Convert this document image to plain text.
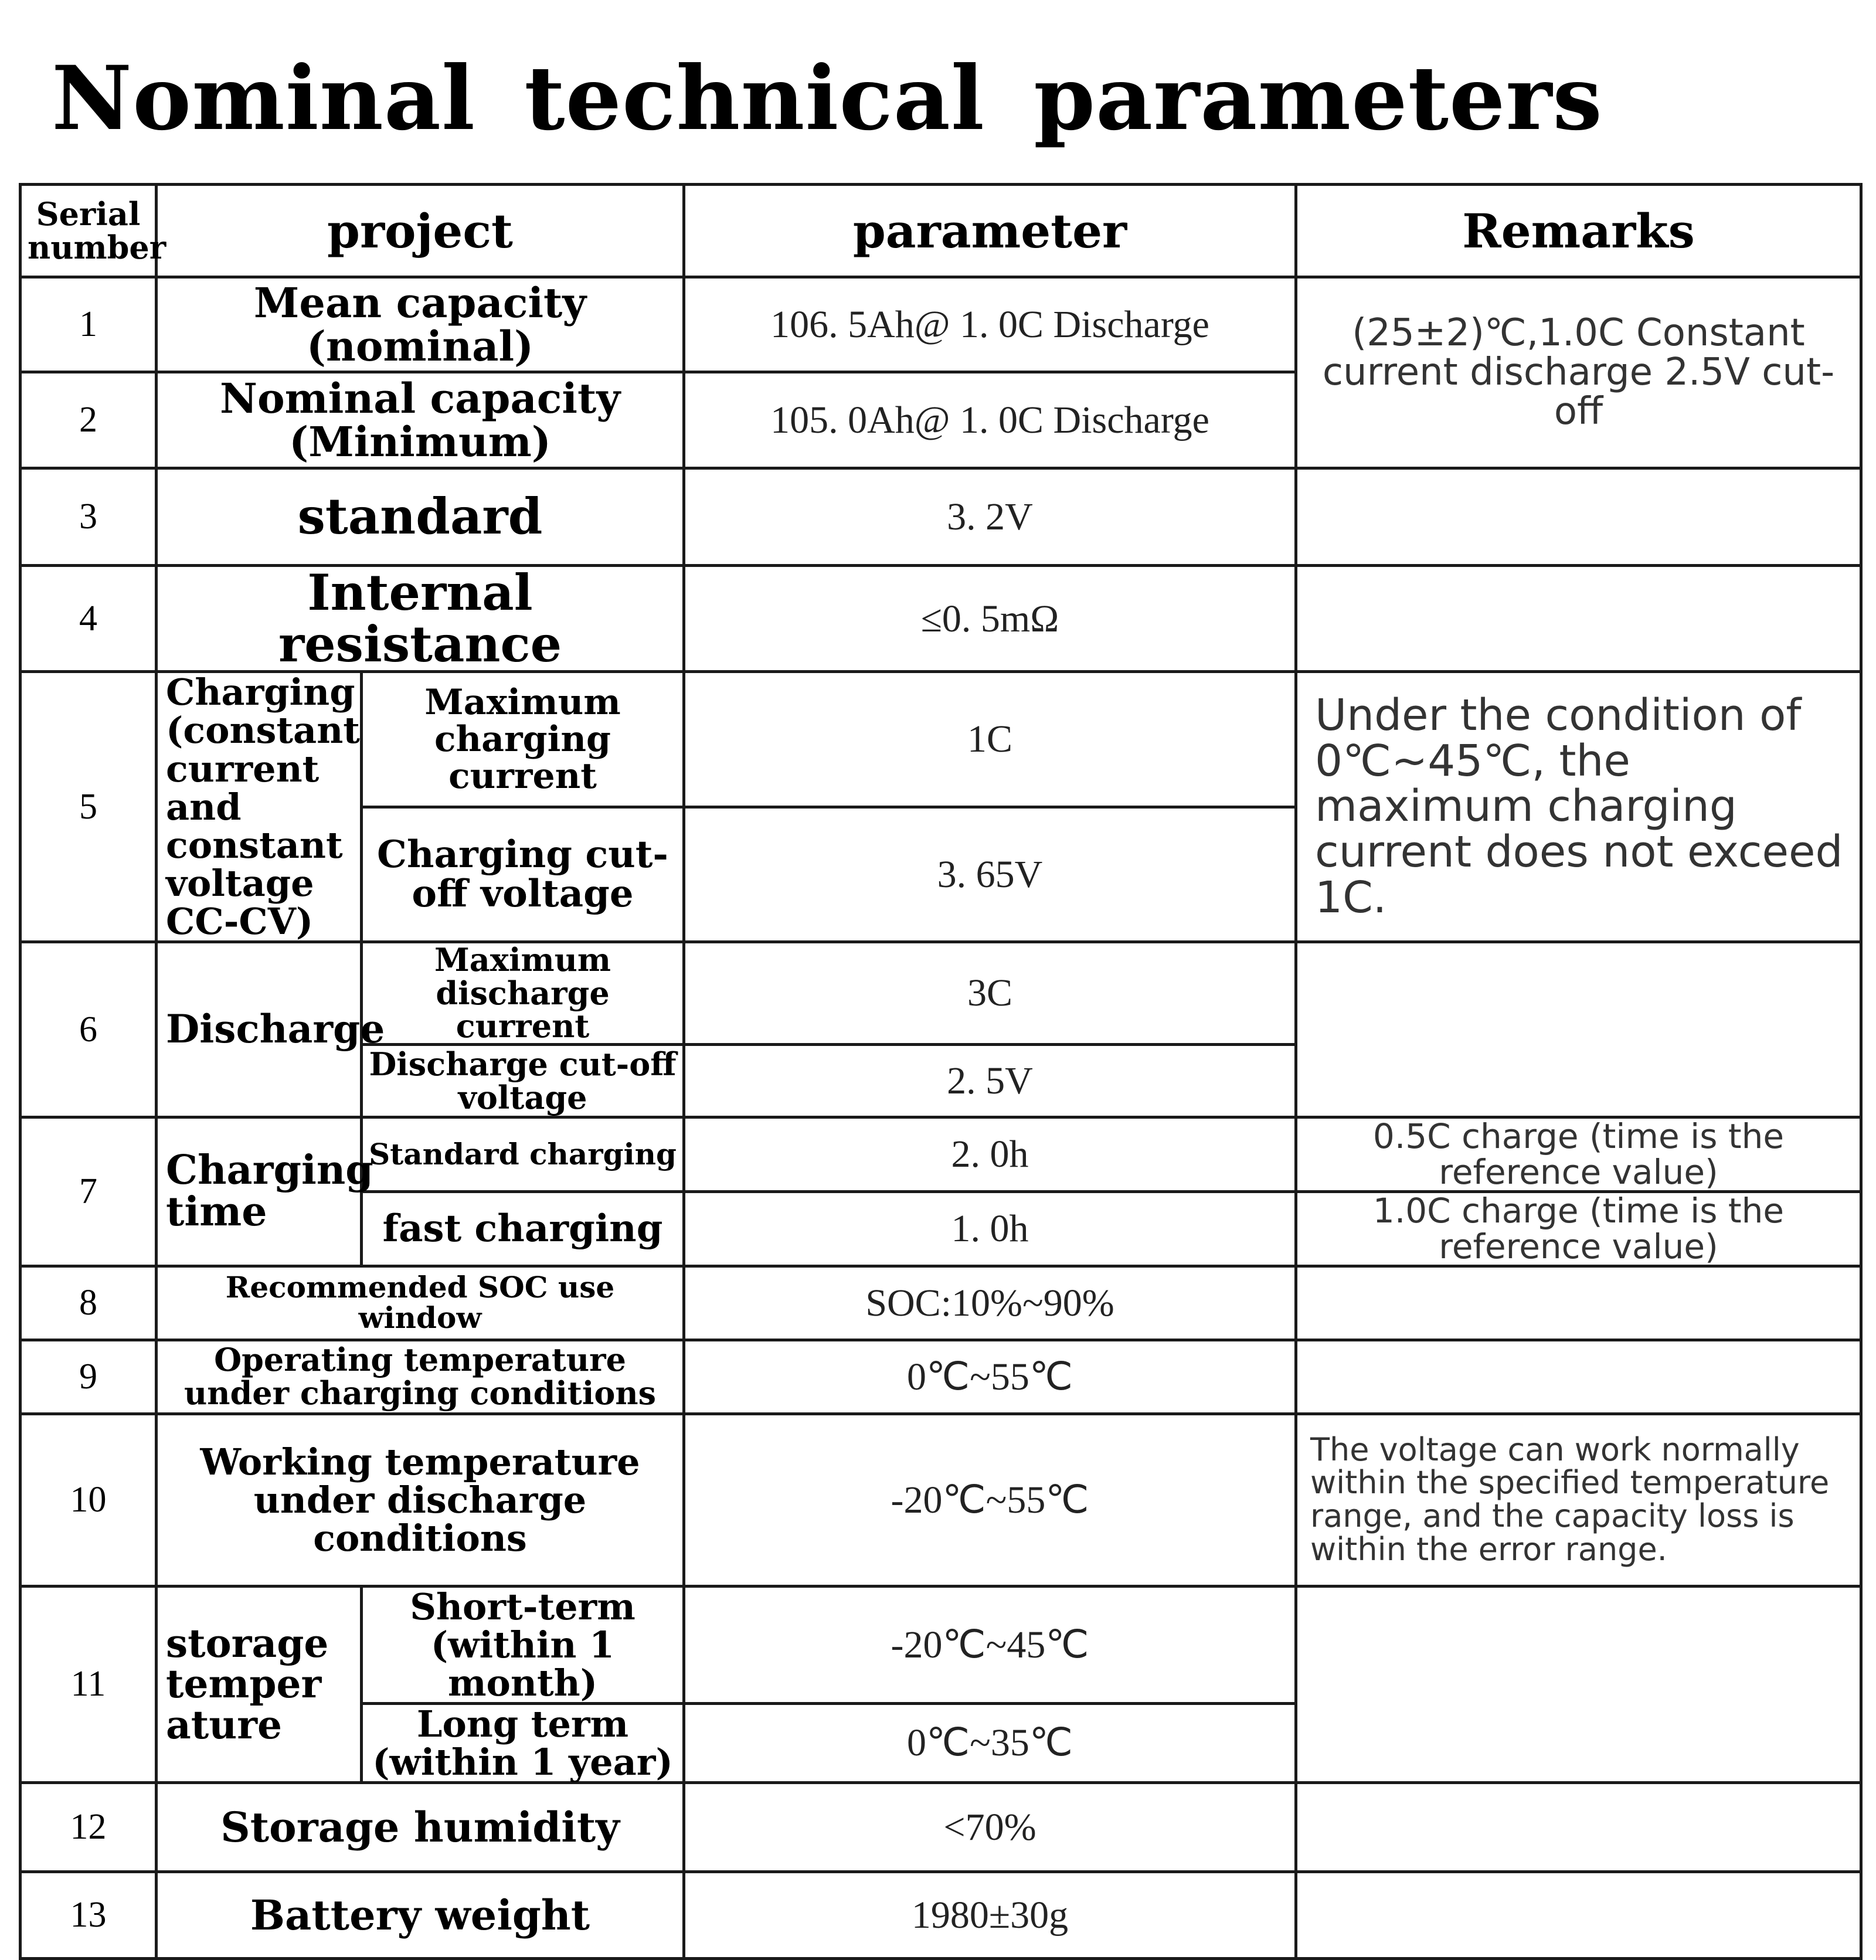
Nominal technical parameters
Serial number	project		parameter	Remarks
1	Mean capacity (nominal)		106. 5Ah@ 1. 0C Discharge	(25±2)℃,1.0C Constant current discharge 2.5V cut-off
2	Nominal capacity (Minimum)		105. 0Ah@ 1. 0C Discharge	
3	standard		3. 2V	
4	Internal resistance		≤0. 5mΩ	
5	Charging (constant current and constant voltage CC-CV)	Maximum charging current	1C	Under the condition of 0℃~45℃, the maximum charging current does not exceed 1C.
		Charging cut-off voltage	3. 65V	
6	Discharge	Maximum discharge current	3C	
		Discharge cut-off voltage	2. 5V	
7	Charging time	Standard charging	2. 0h	0.5C charge (time is the reference value)
		fast charging	1. 0h	1.0C charge (time is the reference value)
8	Recommended SOC use window		SOC:10%~90%	
9	Operating temperature under charging conditions		0℃~55℃	
10	Working temperature under discharge conditions		-20℃~55℃	The voltage can work normally within the specified temperature range, and the capacity loss is within the error range.
11	storage temper ature	Short-term (within 1 month)	-20℃~45℃	
		Long term (within 1 year)	0℃~35℃	
12	Storage humidity		<70%	
13	Battery weight		1980±30g	
